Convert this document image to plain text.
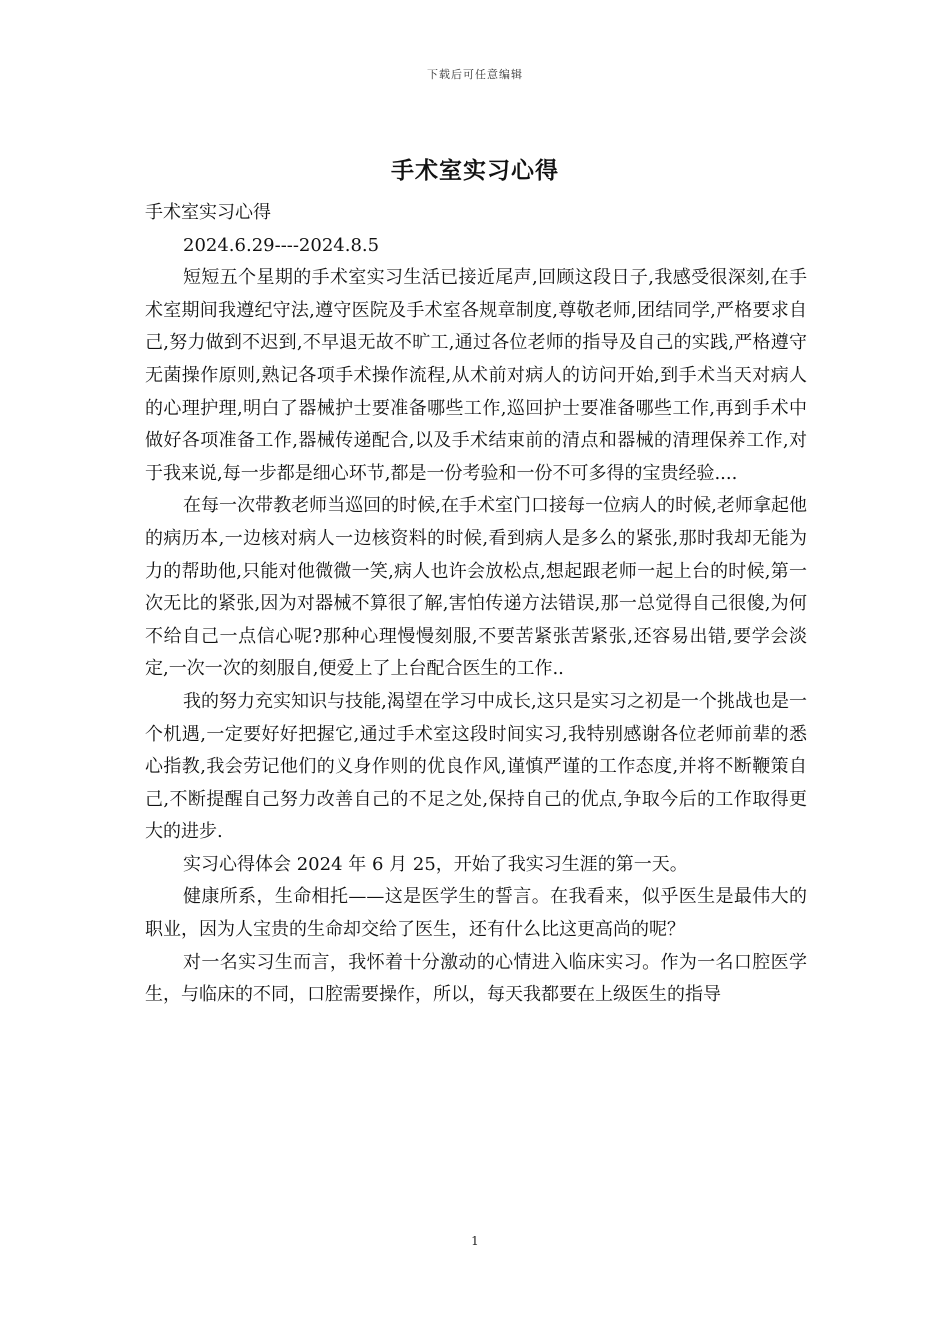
下载后可任意编辑
手术室实习心得

手术室实习心得

2024.6.29----2024.8.5

短短五个星期的手术室实习生活已接近尾声,回顾这段日子,我感受很深刻,在手术室期间我遵纪守法,遵守医院及手术室各规章制度,尊敬老师,团结同学,严格要求自己,努力做到不迟到,不早退无故不旷工,通过各位老师的指导及自己的实践,严格遵守无菌操作原则,熟记各项手术操作流程,从术前对病人的访问开始,到手术当天对病人的心理护理,明白了器械护士要准备哪些工作,巡回护士要准备哪些工作,再到手术中做好各项准备工作,器械传递配合,以及手术结束前的清点和器械的清理保养工作,对于我来说,每一步都是细心环节,都是一份考验和一份不可多得的宝贵经验....

在每一次带教老师当巡回的时候,在手术室门口接每一位病人的时候,老师拿起他的病历本,一边核对病人一边核资料的时候,看到病人是多么的紧张,那时我却无能为力的帮助他,只能对他微微一笑,病人也许会放松点,想起跟老师一起上台的时候,第一次无比的紧张,因为对器械不算很了解,害怕传递方法错误,那一总觉得自己很傻,为何不给自己一点信心呢?那种心理慢慢刻服,不要苦紧张苦紧张,还容易出错,要学会淡定,一次一次的刻服自,便爱上了上台配合医生的工作..

我的努力充实知识与技能,渴望在学习中成长,这只是实习之初是一个挑战也是一个机遇,一定要好好把握它,通过手术室这段时间实习,我特别感谢各位老师前辈的悉心指教,我会劳记他们的义身作则的优良作风,谨慎严谨的工作态度,并将不断鞭策自己,不断提醒自己努力改善自己的不足之处,保持自己的优点,争取今后的工作取得更大的进步.

实习心得体会 2024 年 6 月 25，开始了我实习生涯的第一天。

健康所系，生命相托——这是医学生的誓言。在我看来，似乎医生是最伟大的职业，因为人宝贵的生命却交给了医生，还有什么比这更高尚的呢？

对一名实习生而言，我怀着十分激动的心情进入临床实习。作为一名口腔医学生，与临床的不同，口腔需要操作，所以，每天我都要在上级医生的指导

1
